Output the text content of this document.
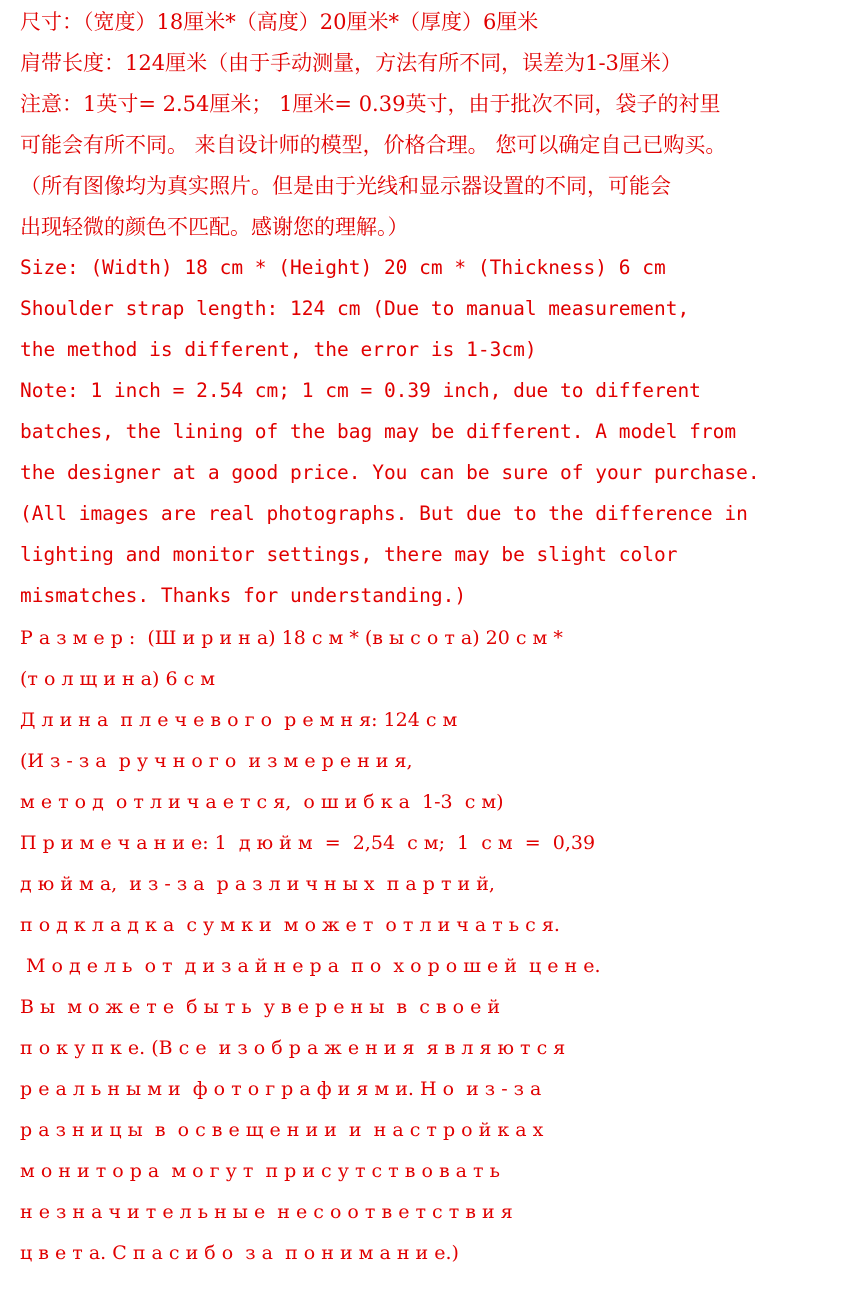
尺寸：（宽度）18厘米*（高度）20厘米*（厚度）6厘米

肩带长度：124厘米（由于手动测量，方法有所不同，误差为1-3厘米）

注意：1英寸= 2.54厘米； 1厘米= 0.39英寸，由于批次不同，袋子的衬里

可能会有所不同。 来自设计师的模型，价格合理。 您可以确定自己已购买。

（所有图像均为真实照片。但是由于光线和显示器设置的不同，可能会

出现轻微的颜色不匹配。感谢您的理解。）

Size: (Width) 18 cm * (Height) 20 cm * (Thickness) 6 cm

Shoulder strap length: 124 cm (Due to manual measurement,

the method is different, the error is 1-3cm)

Note: 1 inch = 2.54 cm; 1 cm = 0.39 inch, due to different

batches, the lining of the bag may be different. A model from

the designer at a good price. You can be sure of your purchase.

(All images are real photographs. But due to the difference in

lighting and monitor settings, there may be slight color

mismatches. Thanks for understanding.)

Р а з м е р :  (Ш и р и н а) 18 с м * (в ы с о т а) 20 с м *

(т о л щ и н а) 6 с м

Д л и н а  п л е ч е в о г о  р е м н я: 124 с м

(И з - з а  р у ч н о г о  и з м е р е н и я,

м е т о д  о т л и ч а е т с я,  о ш и б к а  1-3  с м)

П р и м е ч а н и е: 1  д ю й м  =  2,54  с м;  1  с м  =  0,39

д ю й м а,  и з - з а  р а з л и ч н ы х  п а р т и й,

п о д к л а д к а  с у м к и  м о ж е т  о т л и ч а т ь с я.

М о д е л ь  о т  д и з а й н е р а  п о  х о р о ш е й  ц е н е.

В ы  м о ж е т е  б ы т ь  у в е р е н ы  в  с в о е й

п о к у п к е. (В с е  и з о б р а ж е н и я  я в л я ю т с я

р е а л ь н ы м и  ф о т о г р а ф и я м и. Н о  и з - з а

р а з н и ц ы  в  о с в е щ е н и и  и  н а с т р о й к а х

м о н и т о р а  м о г у т  п р и с у т с т в о в а т ь

н е з н а ч и т е л ь н ы е  н е с о о т в е т с т в и я

ц в е т а. С п а с и б о  з а  п о н и м а н и е.)
